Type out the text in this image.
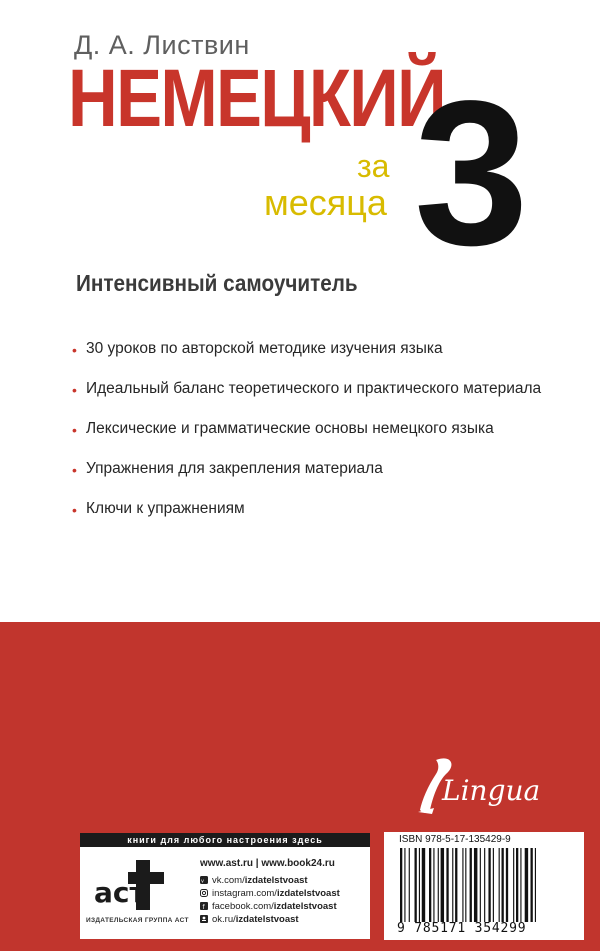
Д. А. Листвин
НЕМЕЦКИЙ
за
месяца 3
Интенсивный самоучитель
• 30 уроков по авторской методике изучения языка
• Идеальный баланс теоретического и практического материала
• Лексические и грамматические основы немецкого языка
• Упражнения для закрепления материала
• Ключи к упражнениям
Lingua
книги для любого настроения здесь
аст
ИЗДАТЕЛЬСКАЯ ГРУППА АСТ
www.ast.ru | www.book24.ru
v vk.com/izdatelstvoast
instagram.com/izdatelstvoast
f facebook.com/izdatelstvoast
ok.ru/izdatelstvoast
ISBN 978-5-17-135429-9
9 785171 354299
